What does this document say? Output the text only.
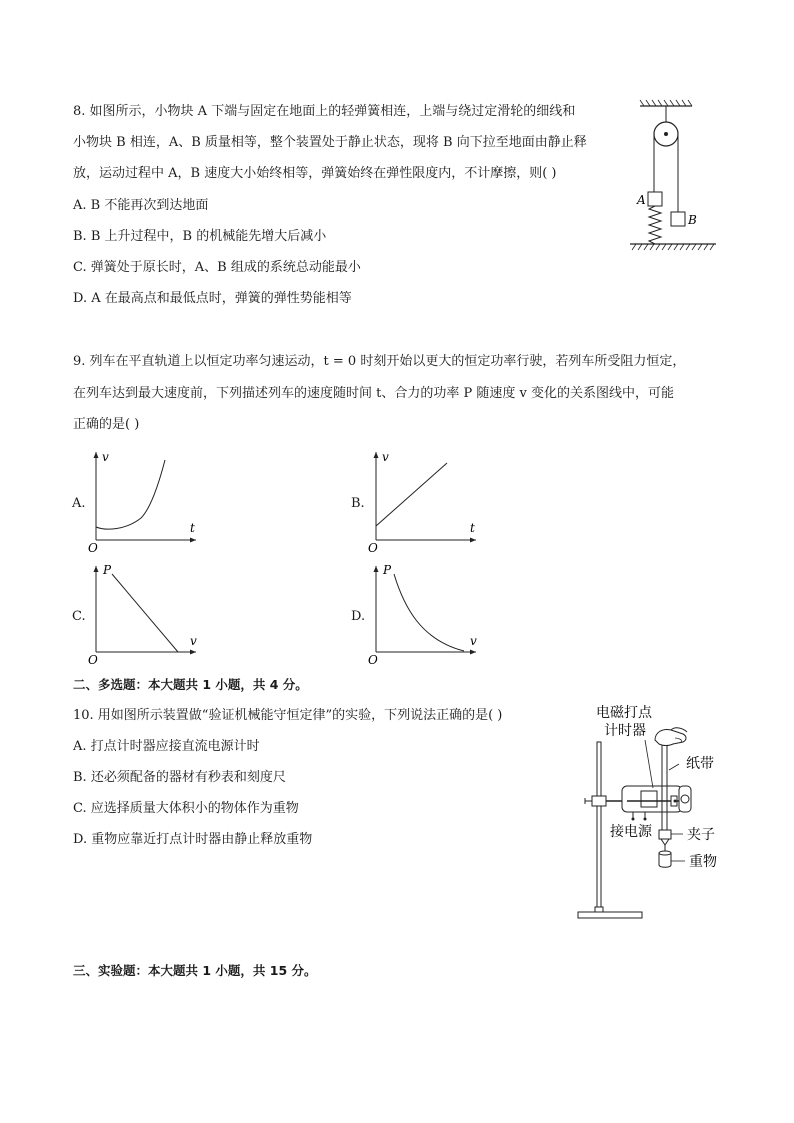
8. 如图所示，小物块 A 下端与固定在地面上的轻弹簧相连，上端与绕过定滑轮的细线和
小物块 B 相连，A、B 质量相等，整个装置处于静止状态，现将 B 向下拉至地面由静止释
放，运动过程中 A，B 速度大小始终相等，弹簧始终在弹性限度内，不计摩擦，则( )
A. B 不能再次到达地面
B. B 上升过程中，B 的机械能先增大后减小
C. 弹簧处于原长时，A、B 组成的系统总动能最小
D. A 在最高点和最低点时，弹簧的弹性势能相等
A
B
9. 列车在平直轨道上以恒定功率匀速运动，t = 0 时刻开始以更大的恒定功率行驶，若列车所受阻力恒定，
在列车达到最大速度前，下列描述列车的速度随时间 t、合力的功率 P 随速度 v 变化的关系图线中，可能
正确的是( )
A.
v
t
O
B.
v
t
O
C.
P
v
O
D.
P
v
O
二、多选题：本大题共 1 小题，共 4 分。
10. 用如图所示装置做“验证机械能守恒定律”的实验，下列说法正确的是( )
A. 打点计时器应接直流电源计时
B. 还必须配备的器材有秒表和刻度尺
C. 应选择质量大体积小的物体作为重物
D. 重物应靠近打点计时器由静止释放重物
电磁打点
计时器
纸带
接电源	夹子
重物
三、实验题：本大题共 1 小题，共 15 分。
